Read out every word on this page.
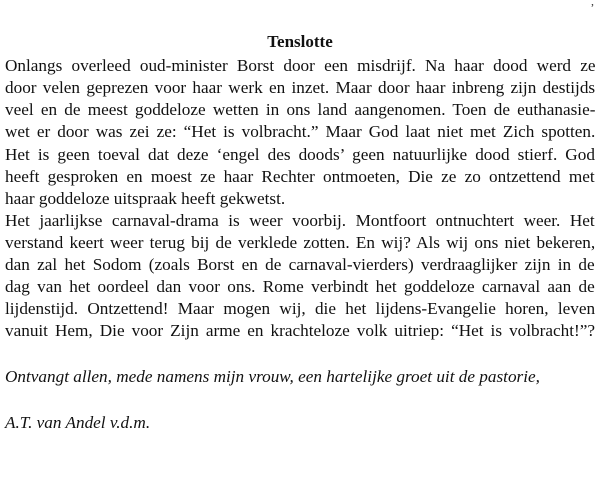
,
Tenslotte
Onlangs overleed oud-minister Borst door een misdrijf. Na haar dood werd ze
door velen geprezen voor haar werk en inzet. Maar door haar inbreng zijn destijds
veel en de meest goddeloze wetten in ons land aangenomen. Toen de euthanasie-
wet er door was zei ze: “Het is volbracht.” Maar God laat niet met Zich spotten.
Het is geen toeval dat deze ‘engel des doods’ geen natuurlijke dood stierf. God
heeft gesproken en moest ze haar Rechter ontmoeten, Die ze zo ontzettend met
haar goddeloze uitspraak heeft gekwetst.
Het jaarlijkse carnaval-drama is weer voorbij. Montfoort ontnuchtert weer. Het
verstand keert weer terug bij de verklede zotten. En wij? Als wij ons niet bekeren,
dan zal het Sodom (zoals Borst en de carnaval-vierders) verdraaglijker zijn in de
dag van het oordeel dan voor ons. Rome verbindt het goddeloze carnaval aan de
lijdenstijd. Ontzettend! Maar mogen wij, die het lijdens-Evangelie horen, leven
vanuit Hem, Die voor Zijn arme en krachteloze volk uitriep: “Het is volbracht!”?
Ontvangt allen, mede namens mijn vrouw, een hartelijke groet uit de pastorie,
A.T. van Andel v.d.m.
